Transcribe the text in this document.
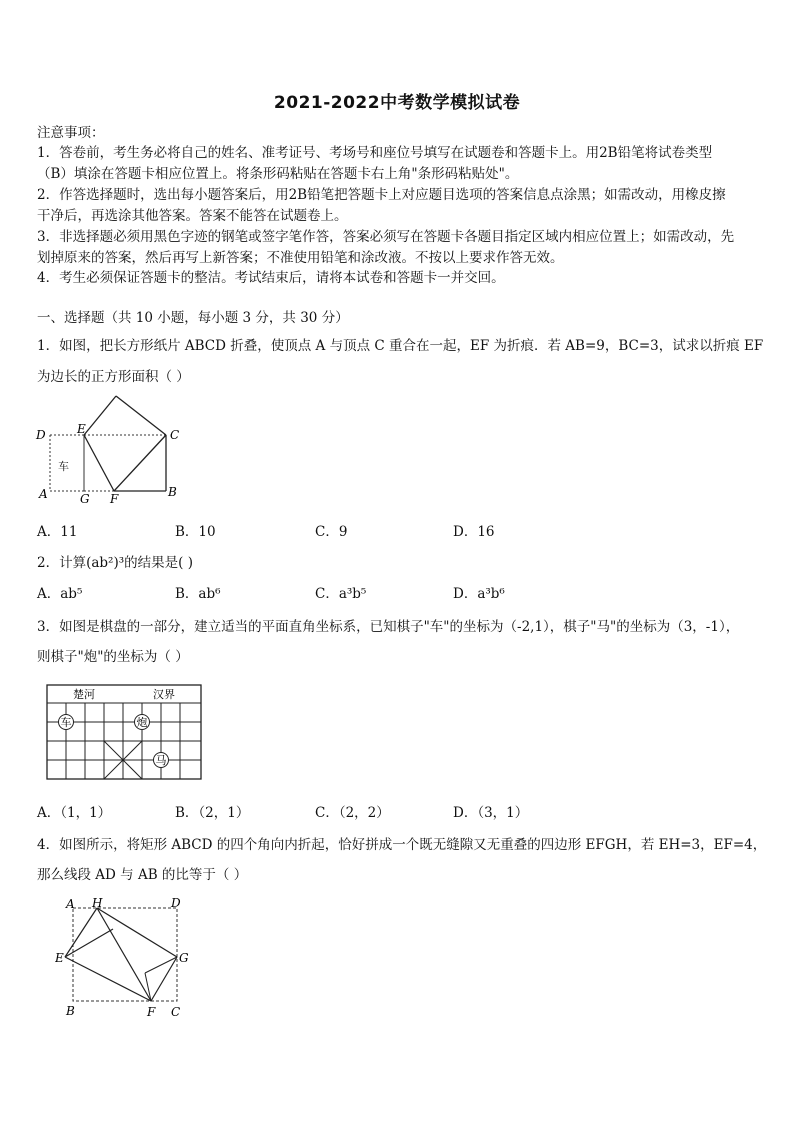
2021-2022中考数学模拟试卷
注意事项：
1．答卷前，考生务必将自己的姓名、准考证号、考场号和座位号填写在试题卷和答题卡上。用2B铅笔将试卷类型
（B）填涂在答题卡相应位置上。将条形码粘贴在答题卡右上角"条形码粘贴处"。
2．作答选择题时，选出每小题答案后，用2B铅笔把答题卡上对应题目选项的答案信息点涂黑；如需改动，用橡皮擦
干净后，再选涂其他答案。答案不能答在试题卷上。
3．非选择题必须用黑色字迹的钢笔或签字笔作答，答案必须写在答题卡各题目指定区域内相应位置上；如需改动，先
划掉原来的答案，然后再写上新答案；不准使用铅笔和涂改液。不按以上要求作答无效。
4．考生必须保证答题卡的整洁。考试结束后，请将本试卷和答题卡一并交回。
一、选择题（共 10 小题，每小题 3 分，共 30 分）
1．如图，把长方形纸片 ABCD 折叠，使顶点 A 与顶点 C 重合在一起，EF 为折痕．若 AB=9，BC=3，试求以折痕 EF
为边长的正方形面积（ ）
D	E	C
A	G F	B
A．11	B．10	C．9	D．16
2．计算(ab²)³的结果是( )
A．ab⁵	B．ab⁶	C．a³b⁵	D．a³b⁶
3．如图是棋盘的一部分，建立适当的平面直角坐标系，已知棋子"车"的坐标为（-2,1），棋子"马"的坐标为（3，-1），
则棋子"炮"的坐标为（ ）
楚河	汉界
车	炮
马
A．（1，1）	B．（2，1）	C．（2，2）	D．（3，1）
4．如图所示，将矩形 ABCD 的四个角向内折起，恰好拼成一个既无缝隙又无重叠的四边形 EFGH，若 EH=3，EF=4，
那么线段 AD 与 AB 的比等于（ ）
A H	D
E	G
B	F C
车
